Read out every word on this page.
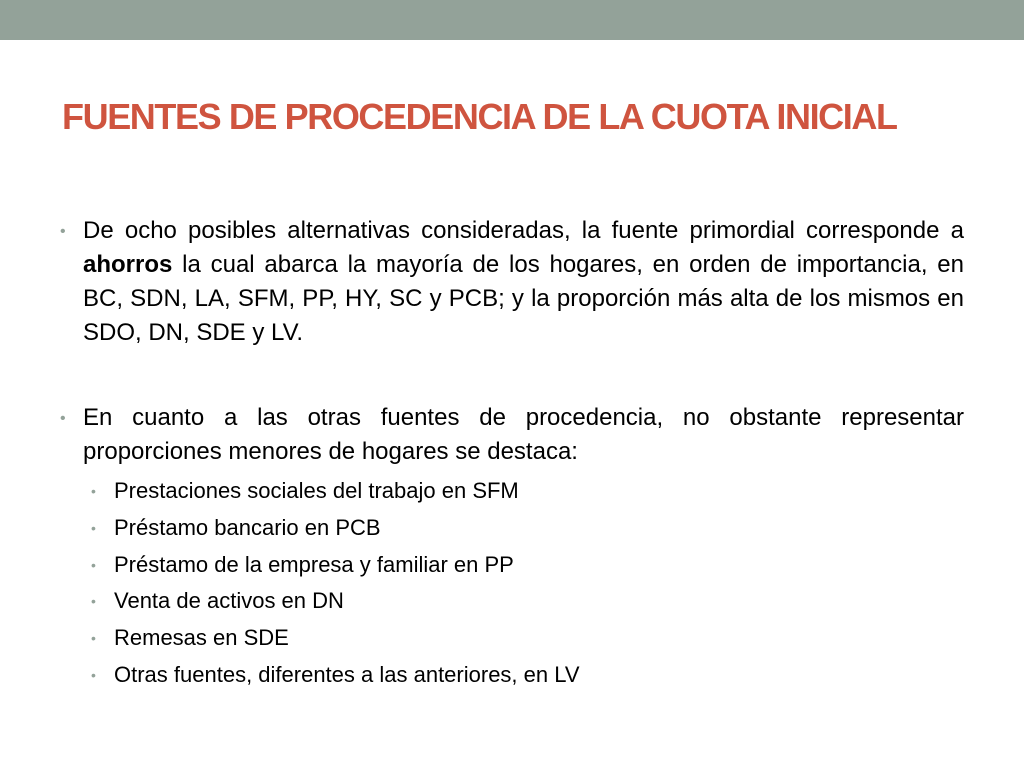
FUENTES DE PROCEDENCIA DE LA CUOTA INICIAL
• De ocho posibles alternativas consideradas, la fuente primordial corresponde a ahorros la cual abarca la mayoría de los hogares, en orden de importancia, en BC, SDN, LA, SFM, PP, HY, SC y PCB; y la proporción más alta de los mismos en SDO, DN, SDE y LV.
• En cuanto a las otras fuentes de procedencia, no obstante representar proporciones menores de hogares se destaca:
• Prestaciones sociales del trabajo en SFM
• Préstamo bancario en PCB
• Préstamo de la empresa y familiar en PP
• Venta de activos en DN
• Remesas en SDE
• Otras fuentes, diferentes a las anteriores, en LV
